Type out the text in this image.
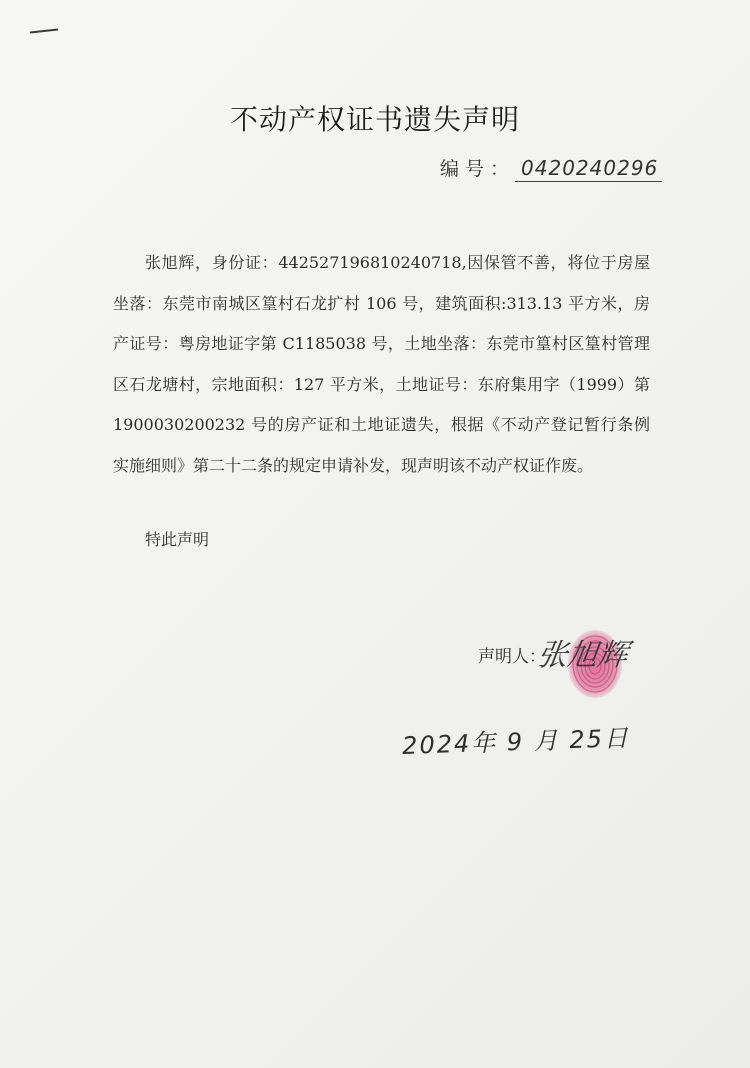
不动产权证书遗失声明
编号： 0420240296

张旭辉，身份证：442527196810240718,因保管不善，将位于房屋坐落：东莞市南城区篁村石龙扩村 106 号，建筑面积:313.13 平方米，房产证号：粤房地证字第 C1185038 号，土地坐落：东莞市篁村区篁村管理区石龙塘村，宗地面积：127 平方米，土地证号：东府集用字（1999）第 1900030200232 号的房产证和土地证遗失，根据《不动产登记暂行条例实施细则》第二十二条的规定申请补发，现声明该不动产权证作废。

特此声明
声明人：
张旭辉
2024年 9 月 25日
